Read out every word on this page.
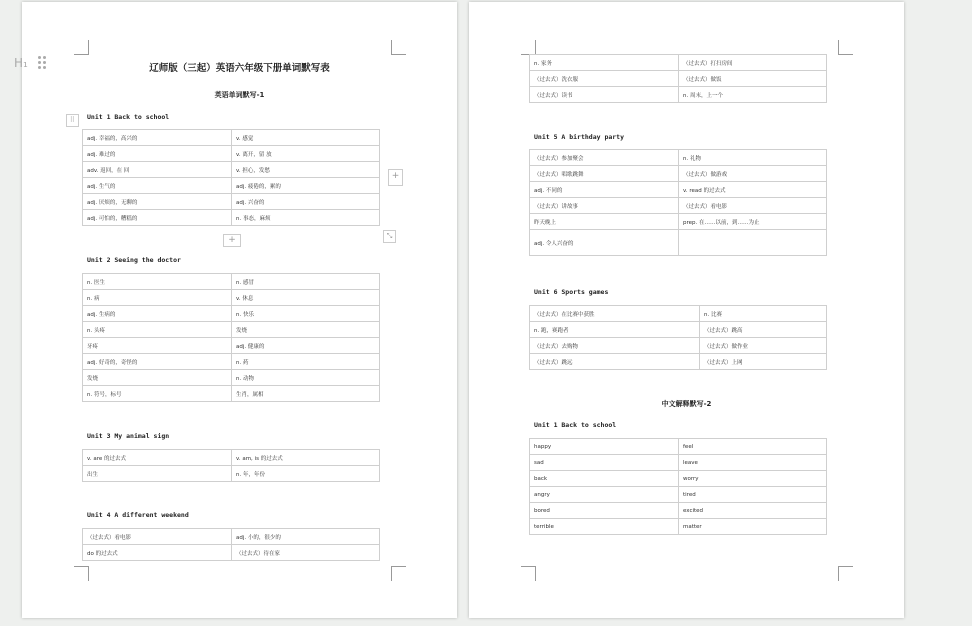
辽师版（三起）英语六年级下册单词默写表
英语单词默写-1
⠿	Unit 1 Back to school
adj. 幸福的，高兴的	v. 感觉
adj. 难过的	v. 离开，留 放
adv. 返回，在 回	v. 担心，发愁
adj. 生气的	adj. 疲倦的，累的
adj. 厌烦的，无聊的	adj. 兴奋的
adj. 可怕的，糟糕的	n. 事态，麻烦
+
+	⤡
Unit 2 Seeing the doctor
n. 医生	n. 感冒
n. 病	v. 休息
adj. 生病的	n. 快乐
n. 头疼	发烧
牙疼	adj. 健康的
adj. 好奇的，奇怪的	n. 药
发烧	n. 动物
n. 符号，标号	生肖，属相
Unit 3 My animal sign
v. are 的过去式	v. am, is 的过去式
出生	n. 年，年份
Unit 4 A different weekend
（过去式）看电影	adj. 小的，很少的
do 的过去式	（过去式）待在家
n. 家务	（过去式）打扫房间
（过去式）洗衣服	（过去式）做饭
（过去式）读书	n. 周末，上一个
Unit 5 A birthday party
（过去式）参加聚会	n. 礼物
（过去式）唱歌跳舞	（过去式）做游戏
adj. 不同的	v. read 的过去式
（过去式）讲故事	（过去式）看电影
昨天晚上	prep. 在……以前，到……为止
adj. 令人兴奋的	
Unit 6 Sports games
（过去式）在比赛中获胜	n. 比赛
n. 跑，赛跑者	（过去式）跳高
（过去式）去购物	（过去式）做作业
（过去式）跳远	（过去式）上网
中文解释默写-2
Unit 1 Back to school
happy	feel
sad	leave
back	worry
angry	tired
bored	excited
terrible	matter
H₁
